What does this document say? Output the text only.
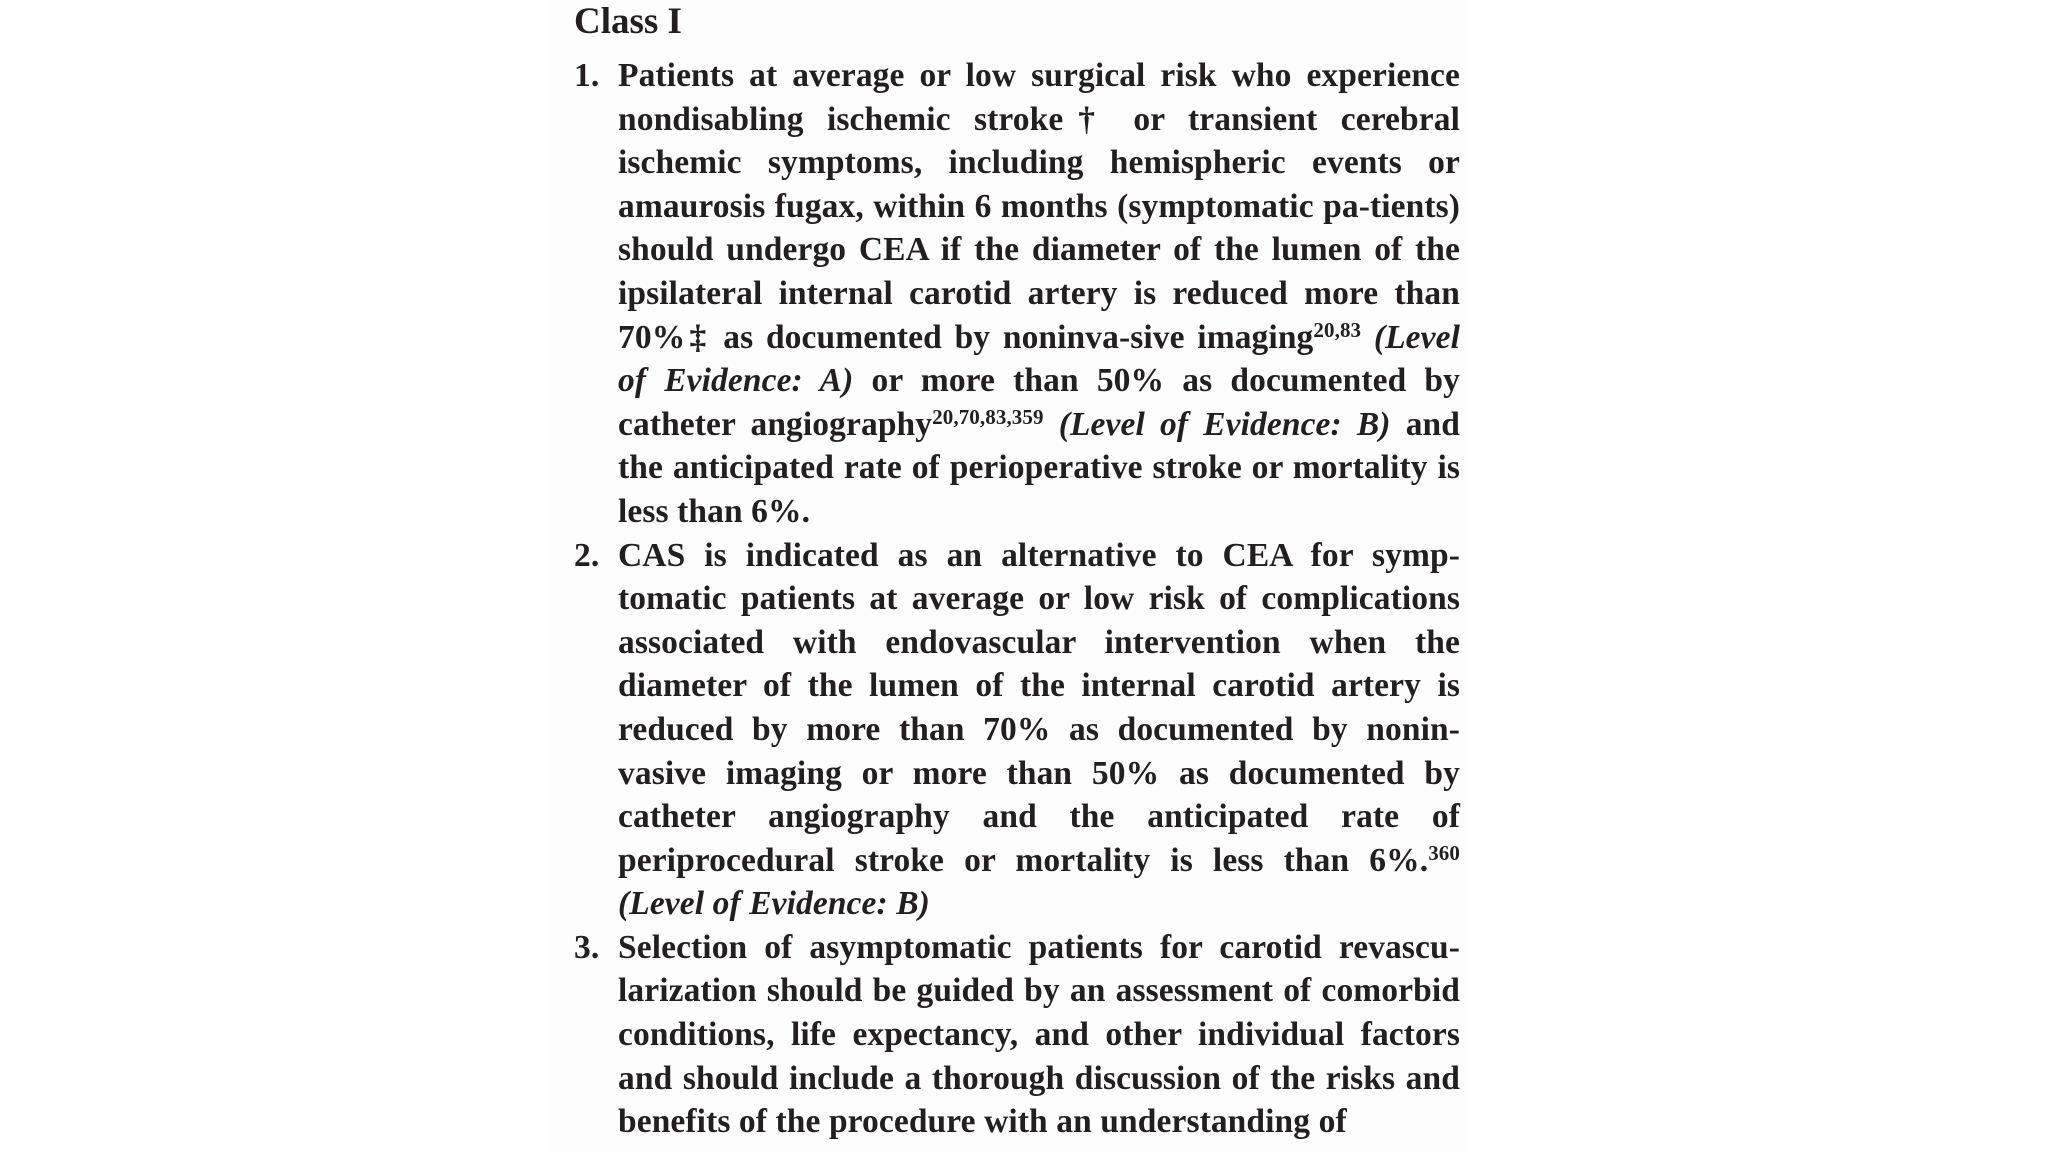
Class I
1. Patients at average or low surgical risk who experience nondisabling ischemic stroke† or transient cerebral ischemic symptoms, including hemispheric events or amaurosis fugax, within 6 months (symptomatic pa-tients) should undergo CEA if the diameter of the lumen of the ipsilateral internal carotid artery is reduced more than 70%‡ as documented by noninva-sive imaging$^{20,83}$ (Level of Evidence: A) or more than 50% as documented by catheter angiography$^{20,70,83,359}$ (Level of Evidence: B) and the anticipated rate of perioperative stroke or mortality is less than 6%.
2. CAS is indicated as an alternative to CEA for symp-tomatic patients at average or low risk of complications associated with endovascular intervention when the diameter of the lumen of the internal carotid artery is reduced by more than 70% as documented by nonin-vasive imaging or more than 50% as documented by catheter angiography and the anticipated rate of periprocedural stroke or mortality is less than 6%.$^{360}$ (Level of Evidence: B)
3. Selection of asymptomatic patients for carotid revascu-larization should be guided by an assessment of comorbid conditions, life expectancy, and other individual factors and should include a thorough discussion of the risks and benefits of the procedure with an understanding of
